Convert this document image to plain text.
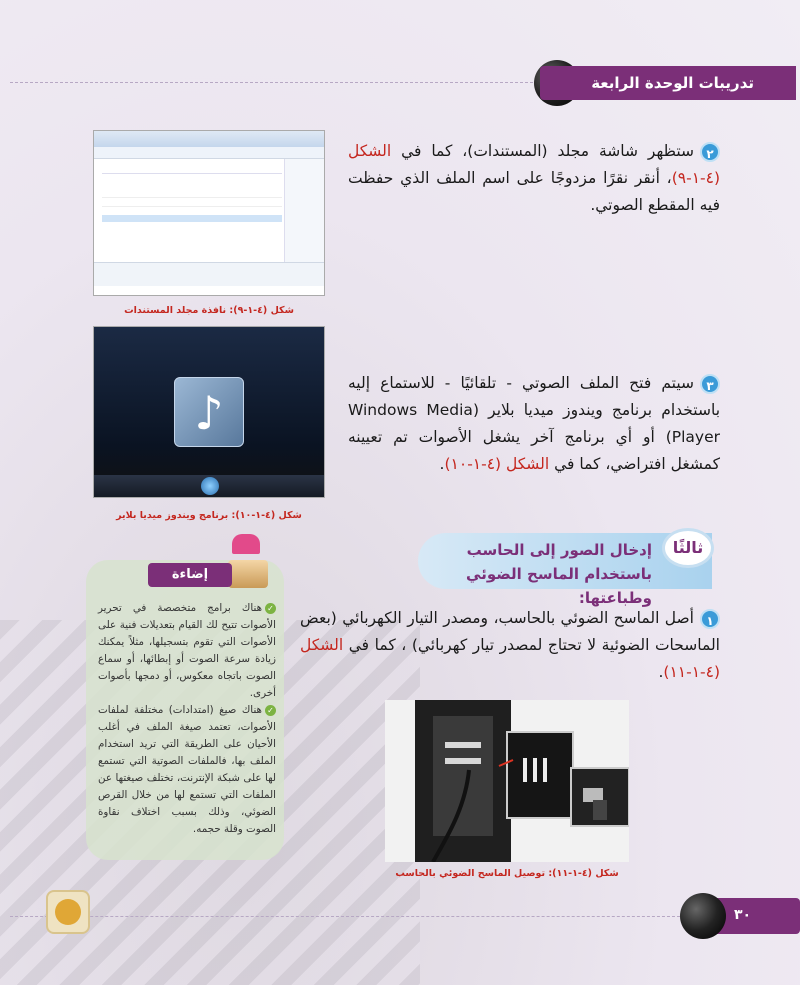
تدريبات الوحدة الرابعة
٢ستظهر شاشة مجلد (المستندات)، كما في الشكل (٤-١-٩)، أنقر نقرًا مزدوجًا على اسم الملف الذي حفظت فيه المقطع الصوتي.
شكل (٤-١-٩): نافذة مجلد المستندات
٣سيتم فتح الملف الصوتي - تلقائيًا - للاستماع إليه باستخدام برنامج ويندوز ميديا بلاير (Windows Media Player) أو أي برنامج آخر يشغل الأصوات تم تعيينه كمشغل افتراضي، كما في الشكل (٤-١-١٠).
♪
شكل (٤-١-١٠): برنامج ويندوز ميديا بلاير
إدخال الصور إلى الحاسب باستخدام الماسح الضوئي وطباعتها:
ثالثًا
إضاءة
✓هناك برامج متخصصة في تحرير الأصوات تتيح لك القيام بتعديلات فنية على الأصوات التي تقوم بتسجيلها، مثلاً يمكنك زيادة سرعة الصوت أو إبطائها، أو سماع الصوت باتجاه معكوس، أو دمجها بأصوات أخرى.
✓هناك صيغ (امتدادات) مختلفة لملفات الأصوات، تعتمد صيغة الملف في أغلب الأحيان على الطريقة التي تريد استخدام الملف بها، فالملفات الصوتية التي تستمع لها على شبكة الإنترنت، تختلف صيغتها عن الملفات التي تستمع لها من خلال القرص الضوئي، وذلك بسبب اختلاف نقاوة الصوت وقلة حجمه.
١أصل الماسح الضوئي بالحاسب، ومصدر التيار الكهربائي (بعض الماسحات الضوئية لا تحتاج لمصدر تيار كهربائي) ، كما في الشكل (٤-١-١١).
شكل (٤-١-١١): توصيل الماسح الضوئي بالحاسب
٣٠
